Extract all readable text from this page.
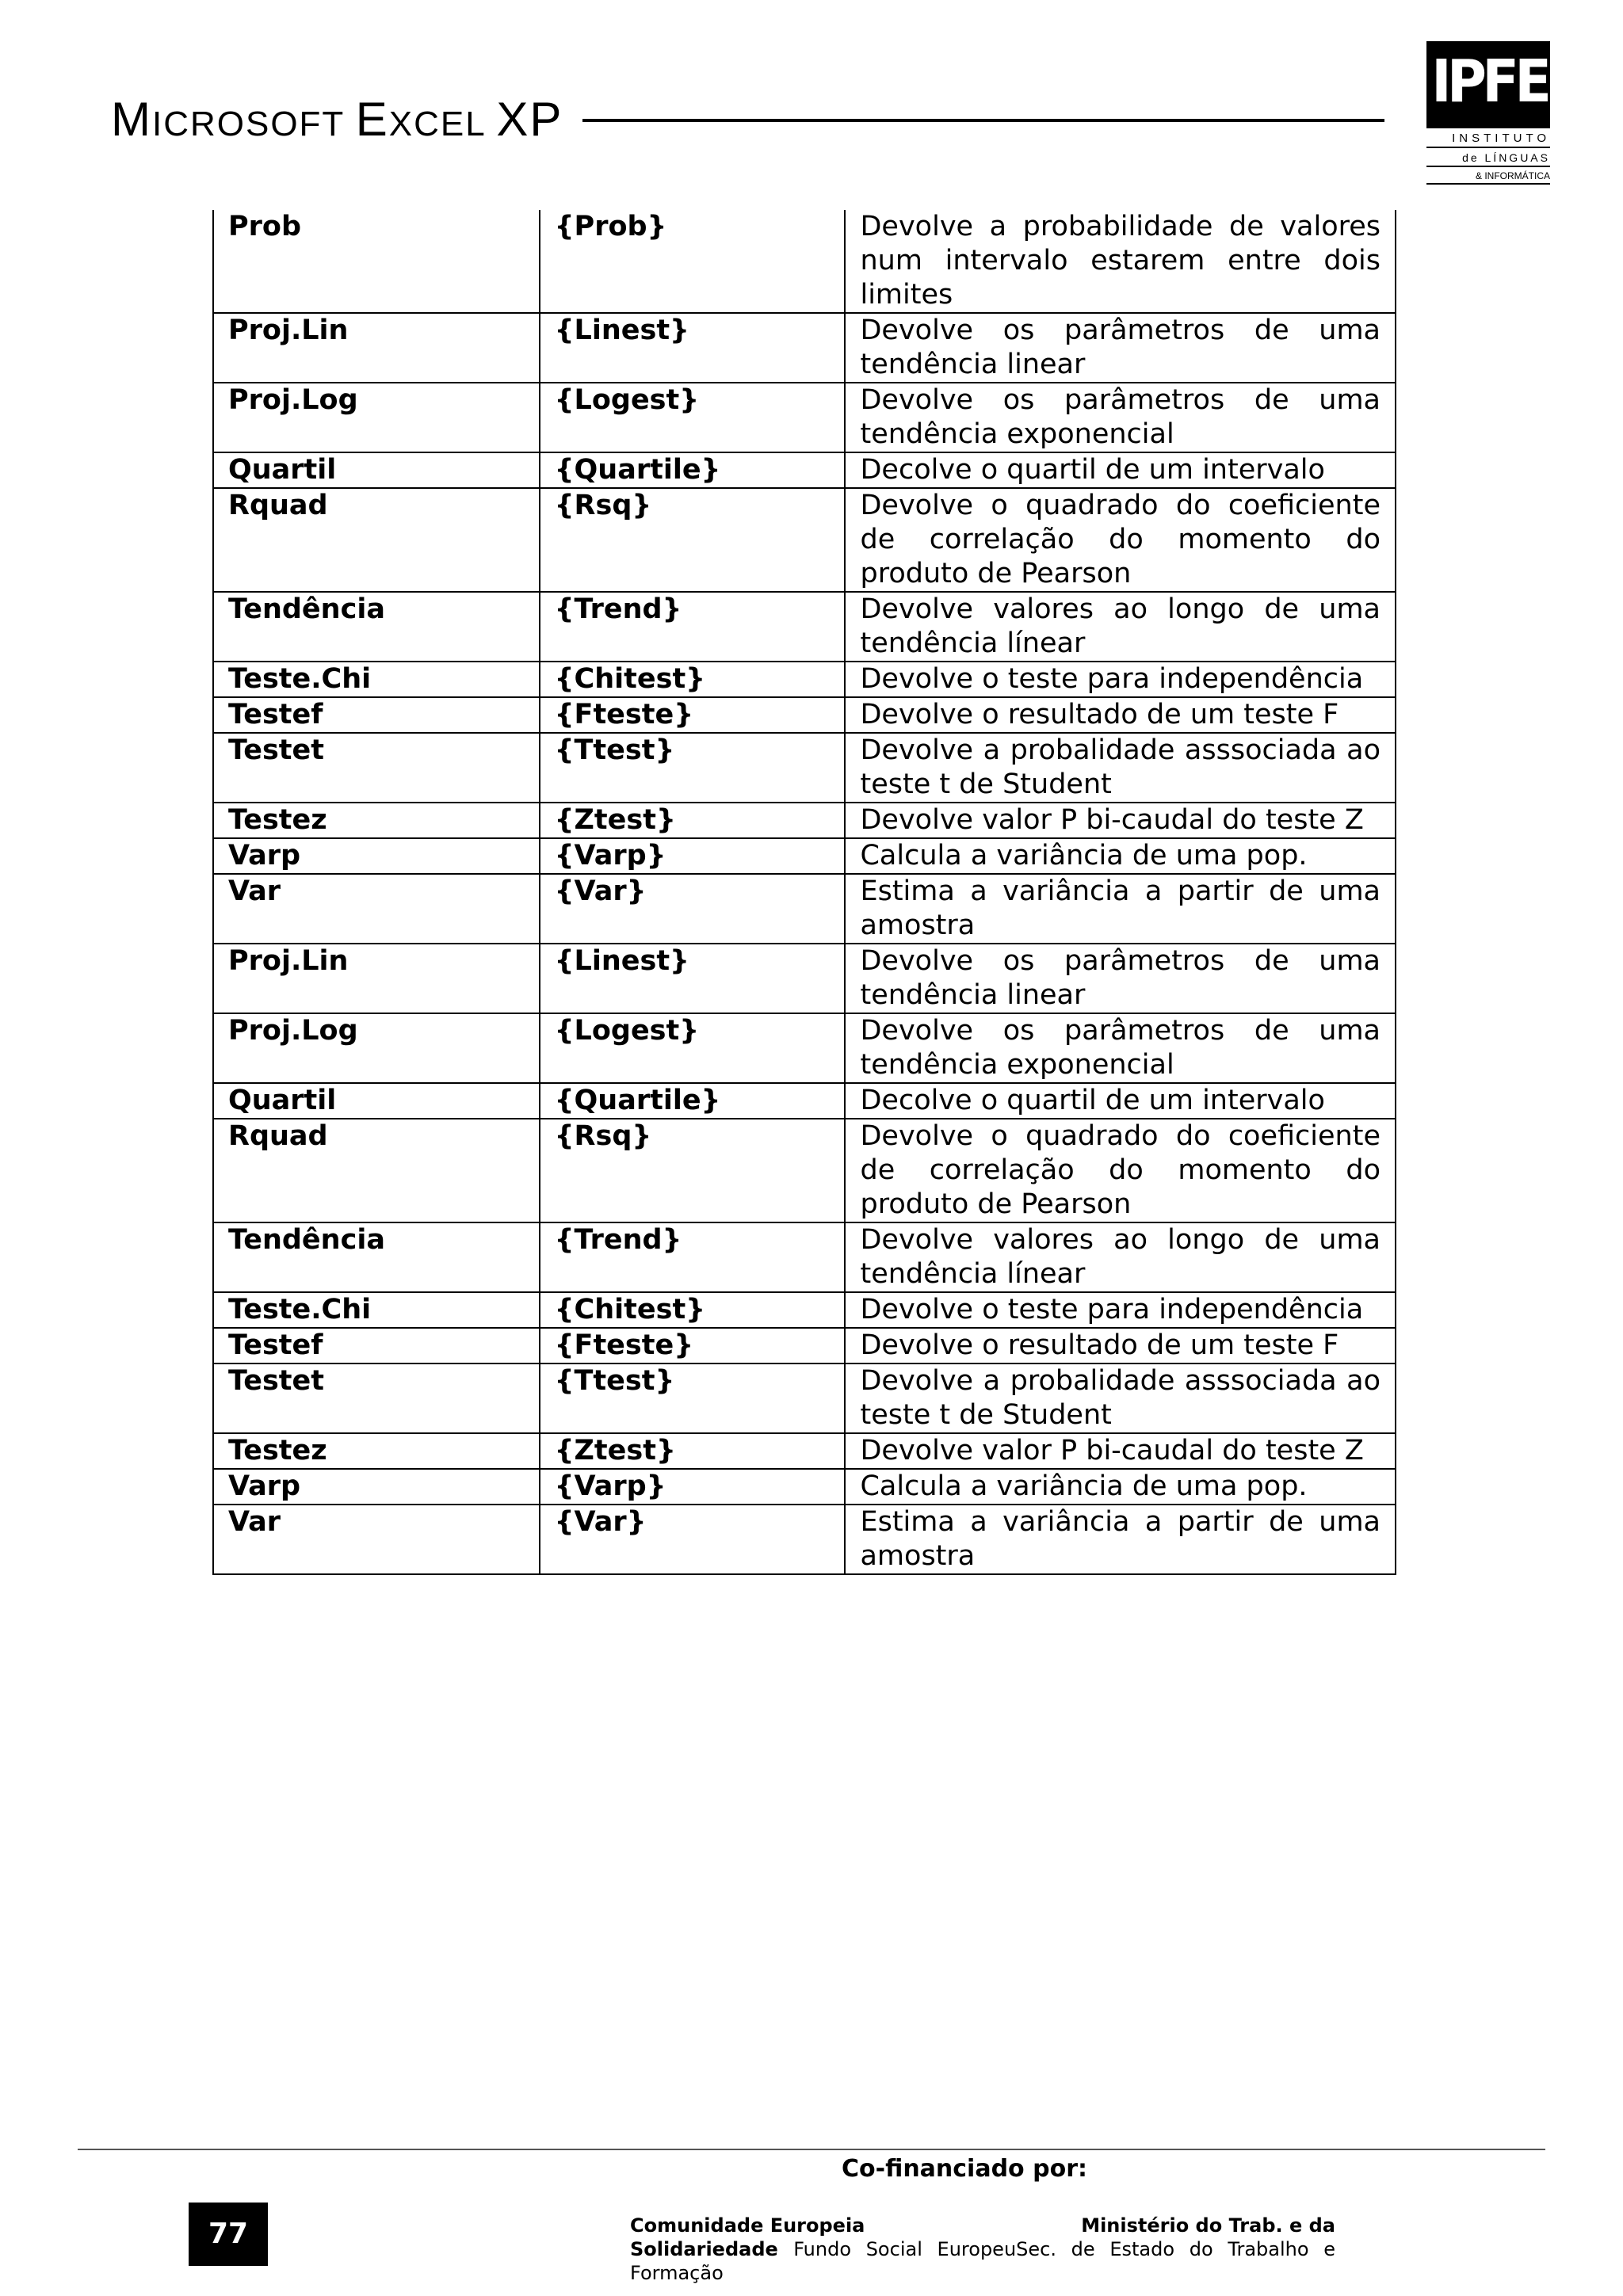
MICROSOFT EXCEL XP
IPFEL
INSTITUTO
de LÍNGUAS
& INFORMÁTICA
Prob	{Prob}	Devolve a probabilidade de valores num intervalo estarem entre dois limites
Proj.Lin	{Linest}	Devolve os parâmetros de uma tendência linear
Proj.Log	{Logest}	Devolve os parâmetros de uma tendência exponencial
Quartil	{Quartile}	Decolve o quartil de um intervalo
Rquad	{Rsq}	Devolve o quadrado do coeficiente de correlação do momento do produto de Pearson
Tendência	{Trend}	Devolve valores ao longo de uma tendência línear
Teste.Chi	{Chitest}	Devolve o teste para independência
Testef	{Fteste}	Devolve o resultado de um teste F
Testet	{Ttest}	Devolve a probalidade asssociada ao teste t de Student
Testez	{Ztest}	Devolve valor P bi-caudal do teste Z
Varp	{Varp}	Calcula a variância de uma pop.
Var	{Var}	Estima a variância a partir de uma amostra
Proj.Lin	{Linest}	Devolve os parâmetros de uma tendência linear
Proj.Log	{Logest}	Devolve os parâmetros de uma tendência exponencial
Quartil	{Quartile}	Decolve o quartil de um intervalo
Rquad	{Rsq}	Devolve o quadrado do coeficiente de correlação do momento do produto de Pearson
Tendência	{Trend}	Devolve valores ao longo de uma tendência línear
Teste.Chi	{Chitest}	Devolve o teste para independência
Testef	{Fteste}	Devolve o resultado de um teste F
Testet	{Ttest}	Devolve a probalidade asssociada ao teste t de Student
Testez	{Ztest}	Devolve valor P bi-caudal do teste Z
Varp	{Varp}	Calcula a variância de uma pop.
Var	{Var}	Estima a variância a partir de uma amostra
Co-financiado por:
77	Comunidade Europeia	Ministério do Trab. e da
Solidariedade Fundo Social EuropeuSec. de Estado do Trabalho e Formação
